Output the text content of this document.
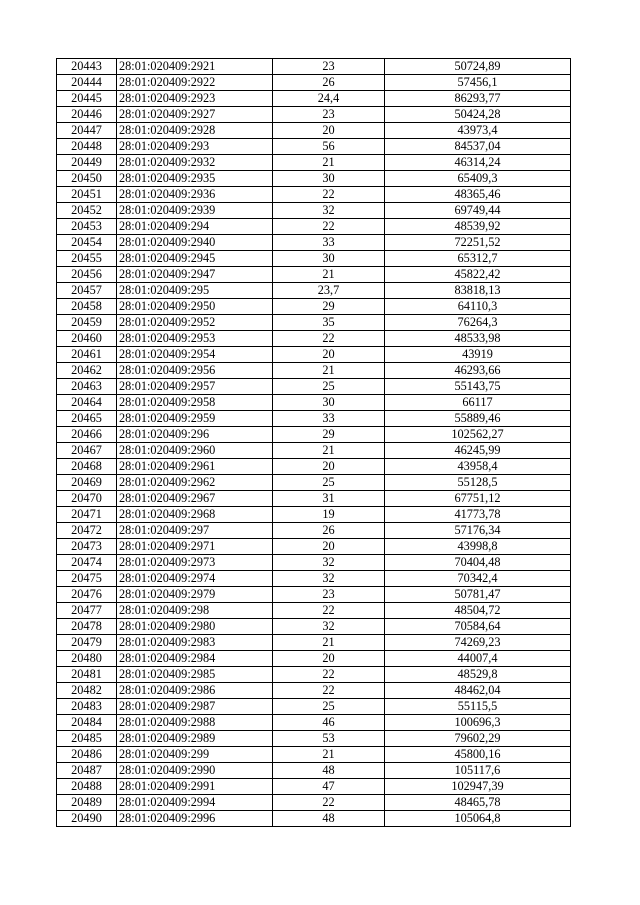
20443	28:01:020409:2921	23	50724,89
20444	28:01:020409:2922	26	57456,1
20445	28:01:020409:2923	24,4	86293,77
20446	28:01:020409:2927	23	50424,28
20447	28:01:020409:2928	20	43973,4
20448	28:01:020409:293	56	84537,04
20449	28:01:020409:2932	21	46314,24
20450	28:01:020409:2935	30	65409,3
20451	28:01:020409:2936	22	48365,46
20452	28:01:020409:2939	32	69749,44
20453	28:01:020409:294	22	48539,92
20454	28:01:020409:2940	33	72251,52
20455	28:01:020409:2945	30	65312,7
20456	28:01:020409:2947	21	45822,42
20457	28:01:020409:295	23,7	83818,13
20458	28:01:020409:2950	29	64110,3
20459	28:01:020409:2952	35	76264,3
20460	28:01:020409:2953	22	48533,98
20461	28:01:020409:2954	20	43919
20462	28:01:020409:2956	21	46293,66
20463	28:01:020409:2957	25	55143,75
20464	28:01:020409:2958	30	66117
20465	28:01:020409:2959	33	55889,46
20466	28:01:020409:296	29	102562,27
20467	28:01:020409:2960	21	46245,99
20468	28:01:020409:2961	20	43958,4
20469	28:01:020409:2962	25	55128,5
20470	28:01:020409:2967	31	67751,12
20471	28:01:020409:2968	19	41773,78
20472	28:01:020409:297	26	57176,34
20473	28:01:020409:2971	20	43998,8
20474	28:01:020409:2973	32	70404,48
20475	28:01:020409:2974	32	70342,4
20476	28:01:020409:2979	23	50781,47
20477	28:01:020409:298	22	48504,72
20478	28:01:020409:2980	32	70584,64
20479	28:01:020409:2983	21	74269,23
20480	28:01:020409:2984	20	44007,4
20481	28:01:020409:2985	22	48529,8
20482	28:01:020409:2986	22	48462,04
20483	28:01:020409:2987	25	55115,5
20484	28:01:020409:2988	46	100696,3
20485	28:01:020409:2989	53	79602,29
20486	28:01:020409:299	21	45800,16
20487	28:01:020409:2990	48	105117,6
20488	28:01:020409:2991	47	102947,39
20489	28:01:020409:2994	22	48465,78
20490	28:01:020409:2996	48	105064,8
